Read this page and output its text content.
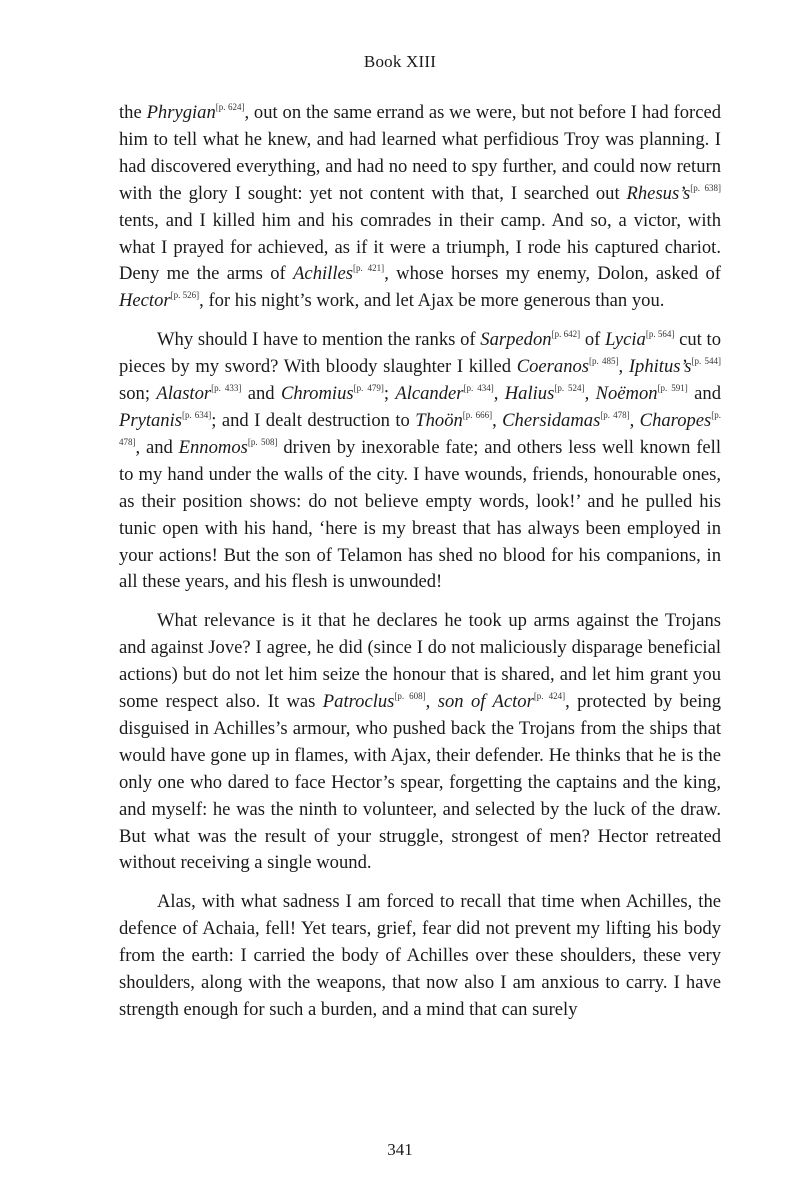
Book XIII

the Phrygian[p. 624], out on the same errand as we were, but not before I had forced him to tell what he knew, and had learned what perfidious Troy was planning. I had discovered everything, and had no need to spy further, and could now return with the glory I sought: yet not content with that, I searched out Rhesus’s[p. 638] tents, and I killed him and his comrades in their camp. And so, a victor, with what I prayed for achieved, as if it were a triumph, I rode his captured chariot. Deny me the arms of Achilles[p. 421], whose horses my enemy, Dolon, asked of Hector[p. 526], for his night’s work, and let Ajax be more generous than you.

Why should I have to mention the ranks of Sarpedon[p. 642] of Lycia[p. 564] cut to pieces by my sword? With bloody slaughter I killed Coeranos[p. 485], Iphitus’s[p. 544] son; Alastor[p. 433] and Chromius[p. 479]; Alcander[p. 434], Halius[p. 524], Noëmon[p. 591] and Prytanis[p. 634]; and I dealt destruction to Thoön[p. 666], Chersidamas[p. 478], Charopes[p. 478], and Ennomos[p. 508] driven by inexorable fate; and others less well known fell to my hand under the walls of the city. I have wounds, friends, honourable ones, as their position shows: do not believe empty words, look!’ and he pulled his tunic open with his hand, ‘here is my breast that has always been employed in your actions! But the son of Telamon has shed no blood for his companions, in all these years, and his flesh is unwounded!

What relevance is it that he declares he took up arms against the Trojans and against Jove? I agree, he did (since I do not maliciously disparage beneficial actions) but do not let him seize the honour that is shared, and let him grant you some respect also. It was Patroclus[p. 608], son of Actor[p. 424], protected by being disguised in Achilles’s armour, who pushed back the Trojans from the ships that would have gone up in flames, with Ajax, their defender. He thinks that he is the only one who dared to face Hector’s spear, forgetting the captains and the king, and myself: he was the ninth to volunteer, and selected by the luck of the draw. But what was the result of your struggle, strongest of men? Hector retreated without receiving a single wound.

Alas, with what sadness I am forced to recall that time when Achilles, the defence of Achaia, fell! Yet tears, grief, fear did not prevent my lifting his body from the earth: I carried the body of Achilles over these shoulders, these very shoulders, along with the weapons, that now also I am anxious to carry. I have strength enough for such a burden, and a mind that can surely

341
